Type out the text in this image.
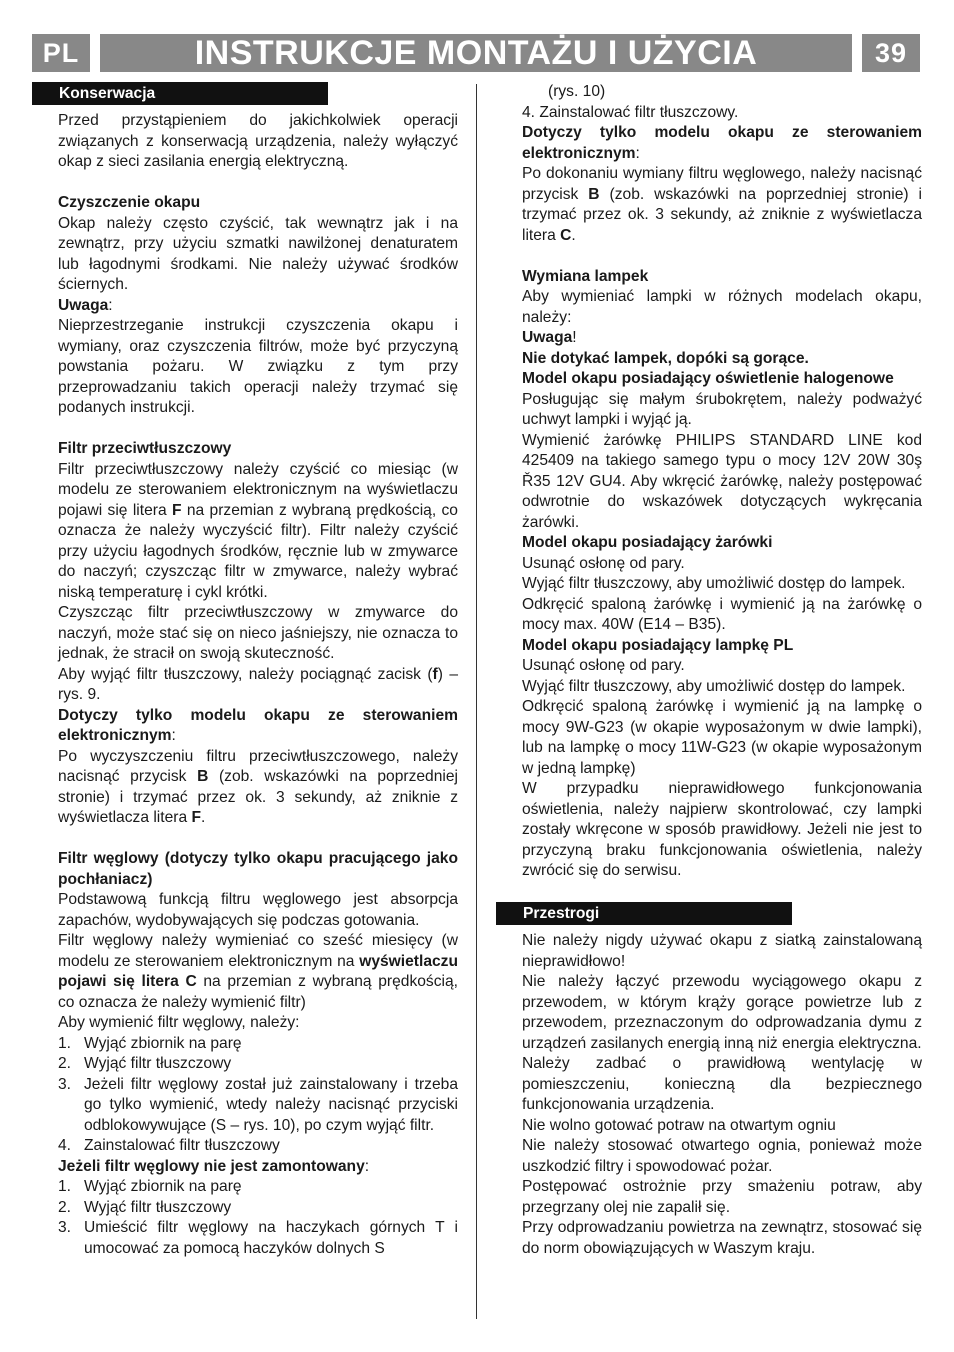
PL	INSTRUKCJE MONTAŻU I UŻYCIA	39
Konserwacja

Przed przystąpieniem do jakichkolwiek operacji związanych z konserwacją urządzenia, należy wyłączyć okap z sieci zasilania energią elektryczną.

Czyszczenie okapu

Okap należy często czyścić, tak wewnątrz jak i na zewnątrz, przy użyciu szmatki nawilżonej denaturatem lub łagodnymi środkami. Nie należy używać środków ściernych.

Uwaga:

Nieprzestrzeganie instrukcji czyszczenia okapu i wymiany, oraz czyszczenia filtrów, może być przyczyną powstania pożaru. W związku z tym przy przeprowadzaniu takich operacji należy trzymać się podanych instrukcji.

Filtr przeciwtłuszczowy

Filtr przeciwtłuszczowy należy czyścić co miesiąc (w modelu ze sterowaniem elektronicznym na wyświetlaczu pojawi się litera F na przemian z wybraną prędkością, co oznacza że należy wyczyścić filtr). Filtr należy czyścić przy użyciu łagodnych środków, ręcznie lub w zmywarce do naczyń; czyszcząc filtr w zmywarce, należy wybrać niską temperaturę i cykl krótki.

Czyszcząc filtr przeciwtłuszczowy w zmywarce do naczyń, może stać się on nieco jaśniejszy, nie oznacza to jednak, że stracił on swoją skuteczność.

Aby wyjąć filtr tłuszczowy, należy pociągnąć zacisk (f) – rys. 9.

Dotyczy tylko modelu okapu ze sterowaniem elektronicznym:

Po wyczyszczeniu filtru przeciwtłuszczowego, należy nacisnąć przycisk B (zob. wskazówki na poprzedniej stronie) i trzymać przez ok. 3 sekundy, aż zniknie z wyświetlacza litera F.

Filtr węglowy (dotyczy tylko okapu pracującego jako pochłaniacz)

Podstawową funkcją filtru węglowego jest absorpcja zapachów, wydobywających się podczas gotowania.

Filtr węglowy należy wymieniać co sześć miesięcy (w modelu ze sterowaniem elektronicznym na wyświetlaczu pojawi się litera C na przemian z wybraną prędkością, co oznacza że należy wymienić filtr)

Aby wymienić filtr węglowy, należy:

1. Wyjąć zbiornik na parę
2. Wyjąć filtr tłuszczowy
3. Jeżeli filtr węglowy został już zainstalowany i trzeba go tylko wymienić, wtedy należy nacisnąć przyciski odblokowywujące (S – rys. 10), po czym wyjąć filtr.
4. Zainstalować filtr tłuszczowy

Jeżeli filtr węglowy nie jest zamontowany:

1. Wyjąć zbiornik na parę
2. Wyjąć filtr tłuszczowy
3. Umieścić filtr węglowy na haczykach górnych T i umocować za pomocą haczyków dolnych S

(rys. 10)

4. Zainstalować filtr tłuszczowy.

Dotyczy tylko modelu okapu ze sterowaniem elektronicznym:

Po dokonaniu wymiany filtru węglowego, należy nacisnąć przycisk B (zob. wskazówki na poprzedniej stronie) i trzymać przez ok. 3 sekundy, aż zniknie z wyświetlacza litera C.

Wymiana lampek

Aby wymieniać lampki w różnych modelach okapu, należy:

Uwaga!

Nie dotykać lampek, dopóki są gorące.

Model okapu posiadający oświetlenie halogenowe

Posługując się małym śrubokrętem, należy podważyć uchwyt lampki i wyjąć ją.

Wymienić żarówkę PHILIPS STANDARD LINE kod 425409 na takiego samego typu o mocy 12V 20W 30ş Ř35 12V GU4. Aby wkręcić żarówkę, należy postępować odwrotnie do wskazówek dotyczących wykręcania żarówki.

Model okapu posiadający żarówki

Usunąć osłonę od pary.

Wyjąć filtr tłuszczowy, aby umożliwić dostęp do lampek.

Odkręcić spaloną żarówkę i wymienić ją na żarówkę o mocy max. 40W (E14 – B35).

Model okapu posiadający lampkę PL

Usunąć osłonę od pary.

Wyjąć filtr tłuszczowy, aby umożliwić dostęp do lampek.

Odkręcić spaloną żarówkę i wymienić ją na lampkę o mocy 9W-G23 (w okapie wyposażonym w dwie lampki), lub na lampkę o mocy 11W-G23 (w okapie wyposażonym w jedną lampkę)

W przypadku nieprawidłowego funkcjonowania oświetlenia, należy najpierw skontrolować, czy lampki zostały wkręcone w sposób prawidłowy. Jeżeli nie jest to przyczyną braku funkcjonowania oświetlenia, należy zwrócić się do serwisu.

Przestrogi

Nie należy nigdy używać okapu z siatką zainstalowaną nieprawidłowo!

Nie należy łączyć przewodu wyciągowego okapu z przewodem, w którym krąży gorące powietrze lub z przewodem, przeznaczonym do odprowadzania dymu z urządzeń zasilanych energią inną niż energia elektryczna.

Należy zadbać o prawidłową wentylację w pomieszczeniu, konieczną dla bezpiecznego funkcjonowania urządzenia.

Nie wolno gotować potraw na otwartym ogniu

Nie należy stosować otwartego ognia, ponieważ może uszkodzić filtry i spowodować pożar.

Postępować ostrożnie przy smażeniu potraw, aby przegrzany olej nie zapalił się.

Przy odprowadzaniu powietrza na zewnątrz, stosować się do norm obowiązujących w Waszym kraju.
